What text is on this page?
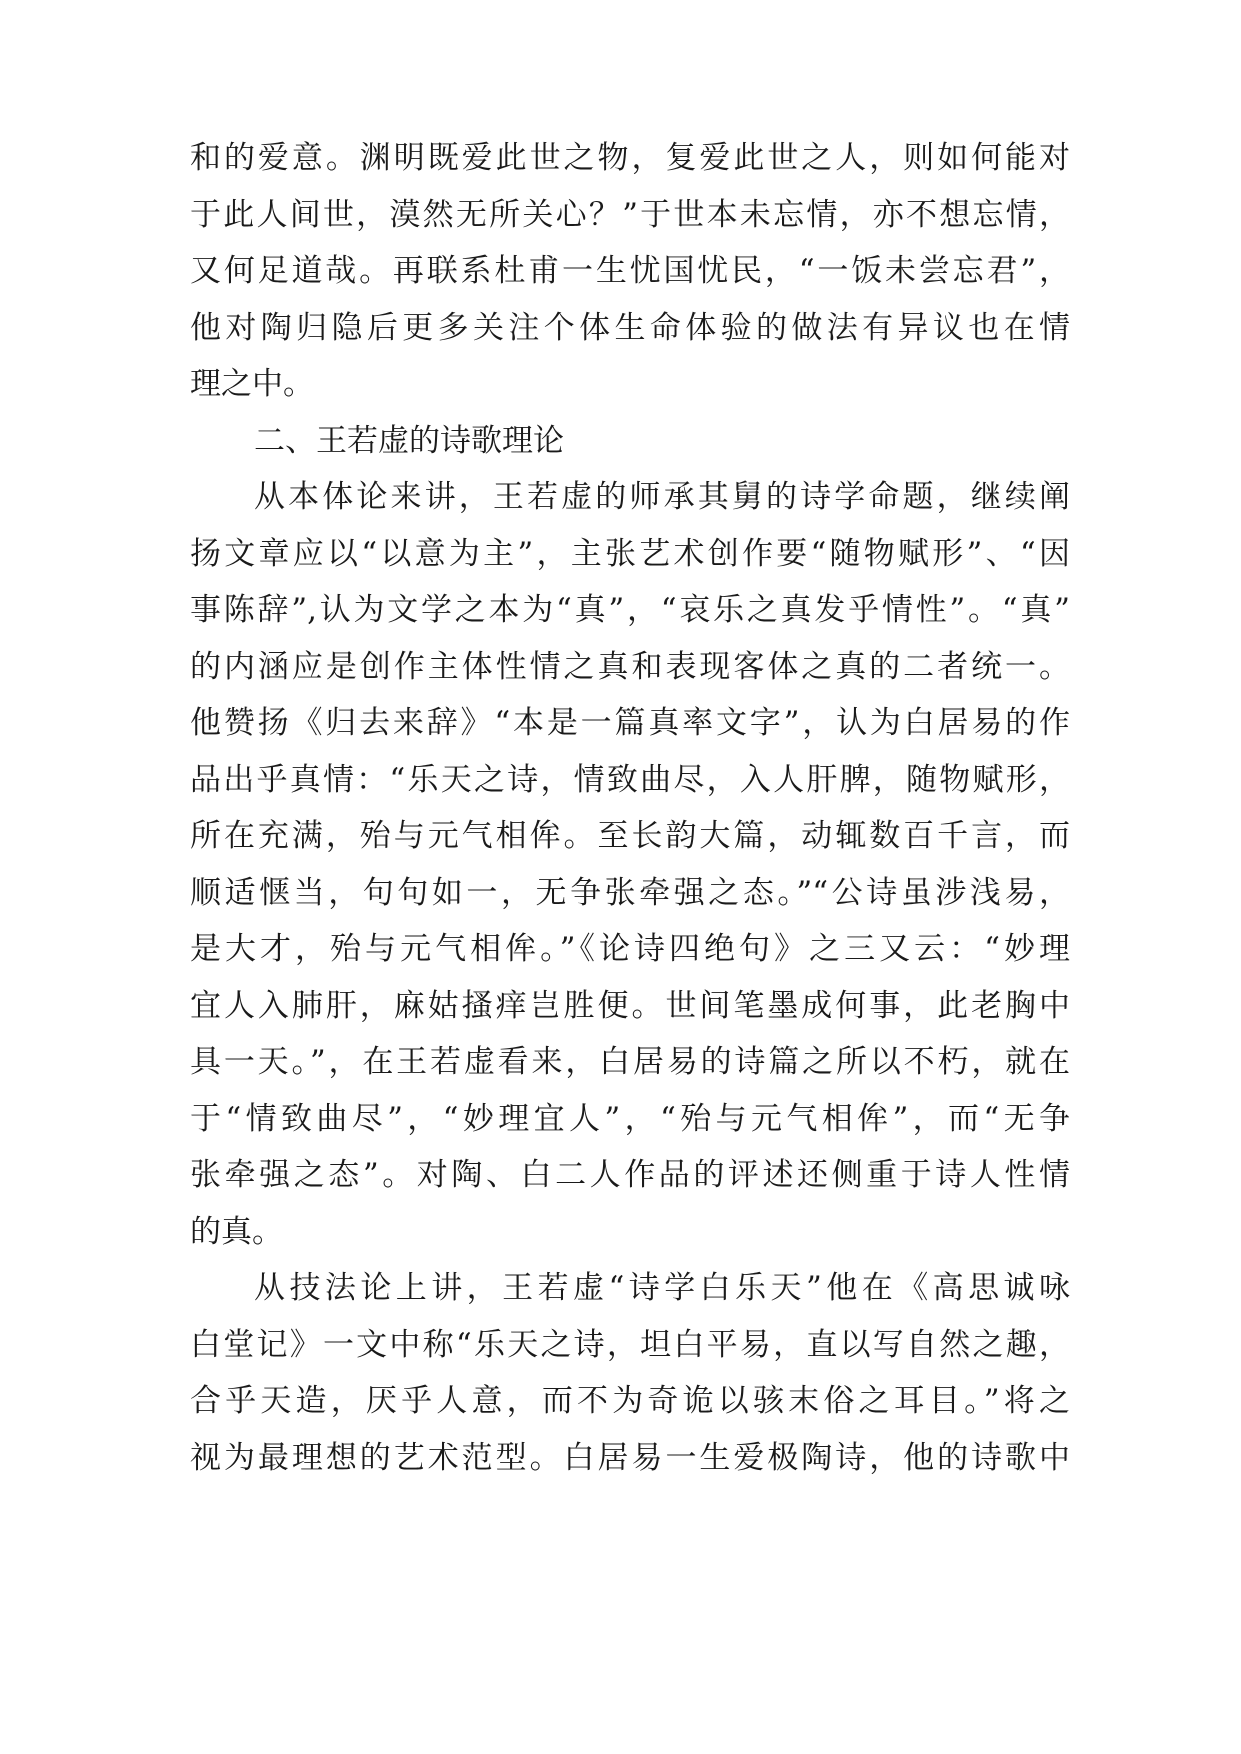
和的爱意。渊明既爱此世之物，复爱此世之人，则如何能对
于此人间世，漠然无所关心？”于世本未忘情，亦不想忘情，
又何足道哉。再联系杜甫一生忧国忧民，“一饭未尝忘君”，
他对陶归隐后更多关注个体生命体验的做法有异议也在情
理之中。
二、王若虚的诗歌理论
从本体论来讲，王若虚的师承其舅的诗学命题，继续阐
扬文章应以“以意为主”，主张艺术创作要“随物赋形”、“因
事陈辞”,认为文学之本为“真”，“哀乐之真发乎情性”。“真”
的内涵应是创作主体性情之真和表现客体之真的二者统一。
他赞扬《归去来辞》“本是一篇真率文字”，认为白居易的作
品出乎真情：“乐天之诗，情致曲尽，入人肝脾，随物赋形，
所在充满，殆与元气相侔。至长韵大篇，动辄数百千言，而
顺适惬当，句句如一，无争张牵强之态。”“公诗虽涉浅易，
是大才，殆与元气相侔。”《论诗四绝句》之三又云：“妙理
宜人入肺肝，麻姑搔痒岂胜便。世间笔墨成何事，此老胸中
具一天。”，在王若虚看来，白居易的诗篇之所以不朽，就在
于“情致曲尽”，“妙理宜人”，“殆与元气相侔”，而“无争
张牵强之态”。对陶、白二人作品的评述还侧重于诗人性情
的真。
从技法论上讲，王若虚“诗学白乐天”他在《高思诚咏
白堂记》一文中称“乐天之诗，坦白平易，直以写自然之趣，
合乎天造，厌乎人意，而不为奇诡以骇末俗之耳目。”将之
视为最理想的艺术范型。白居易一生爱极陶诗，他的诗歌中
